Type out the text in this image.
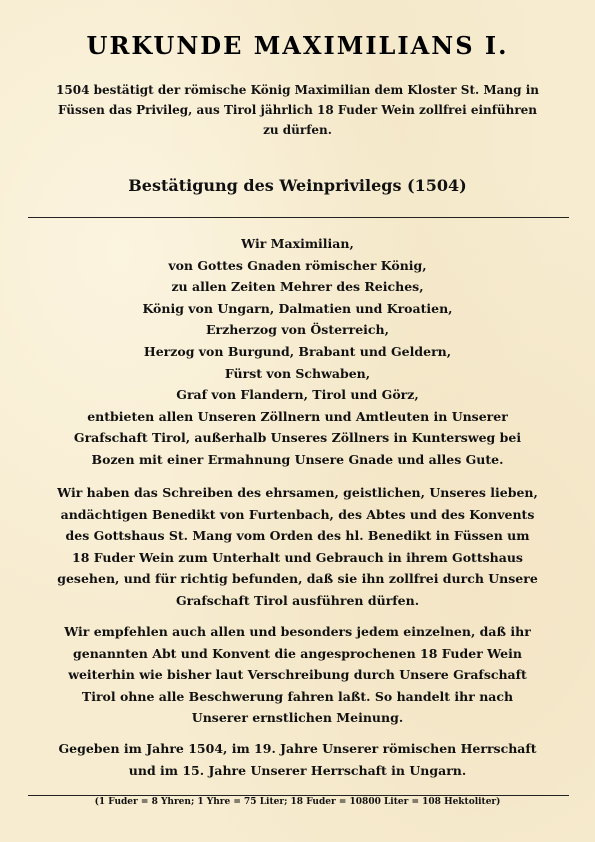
URKUNDE MAXIMILIANS I.
1504 bestätigt der römische König Maximilian dem Kloster St. Mang in
Füssen das Privileg, aus Tirol jährlich 18 Fuder Wein zollfrei einführen
zu dürfen.
Bestätigung des Weinprivilegs (1504)
Wir Maximilian,
von Gottes Gnaden römischer König,
zu allen Zeiten Mehrer des Reiches,
König von Ungarn, Dalmatien und Kroatien,
Erzherzog von Österreich,
Herzog von Burgund, Brabant und Geldern,
Fürst von Schwaben,
Graf von Flandern, Tirol und Görz,
entbieten allen Unseren Zöllnern und Amtleuten in Unserer
Grafschaft Tirol, außerhalb Unseres Zöllners in Kuntersweg bei
Bozen mit einer Ermahnung Unsere Gnade und alles Gute.
Wir haben das Schreiben des ehrsamen, geistlichen, Unseres lieben,
andächtigen Benedikt von Furtenbach, des Abtes und des Konvents
des Gottshaus St. Mang vom Orden des hl. Benedikt in Füssen um
18 Fuder Wein zum Unterhalt und Gebrauch in ihrem Gottshaus
gesehen, und für richtig befunden, daß sie ihn zollfrei durch Unsere
Grafschaft Tirol ausführen dürfen.
Wir empfehlen auch allen und besonders jedem einzelnen, daß ihr
genannten Abt und Konvent die angesprochenen 18 Fuder Wein
weiterhin wie bisher laut Verschreibung durch Unsere Grafschaft
Tirol ohne alle Beschwerung fahren laßt. So handelt ihr nach
Unserer ernstlichen Meinung.
Gegeben im Jahre 1504, im 19. Jahre Unserer römischen Herrschaft
und im 15. Jahre Unserer Herrschaft in Ungarn.
(1 Fuder = 8 Yhren; 1 Yhre = 75 Liter; 18 Fuder = 10800 Liter = 108 Hektoliter)
